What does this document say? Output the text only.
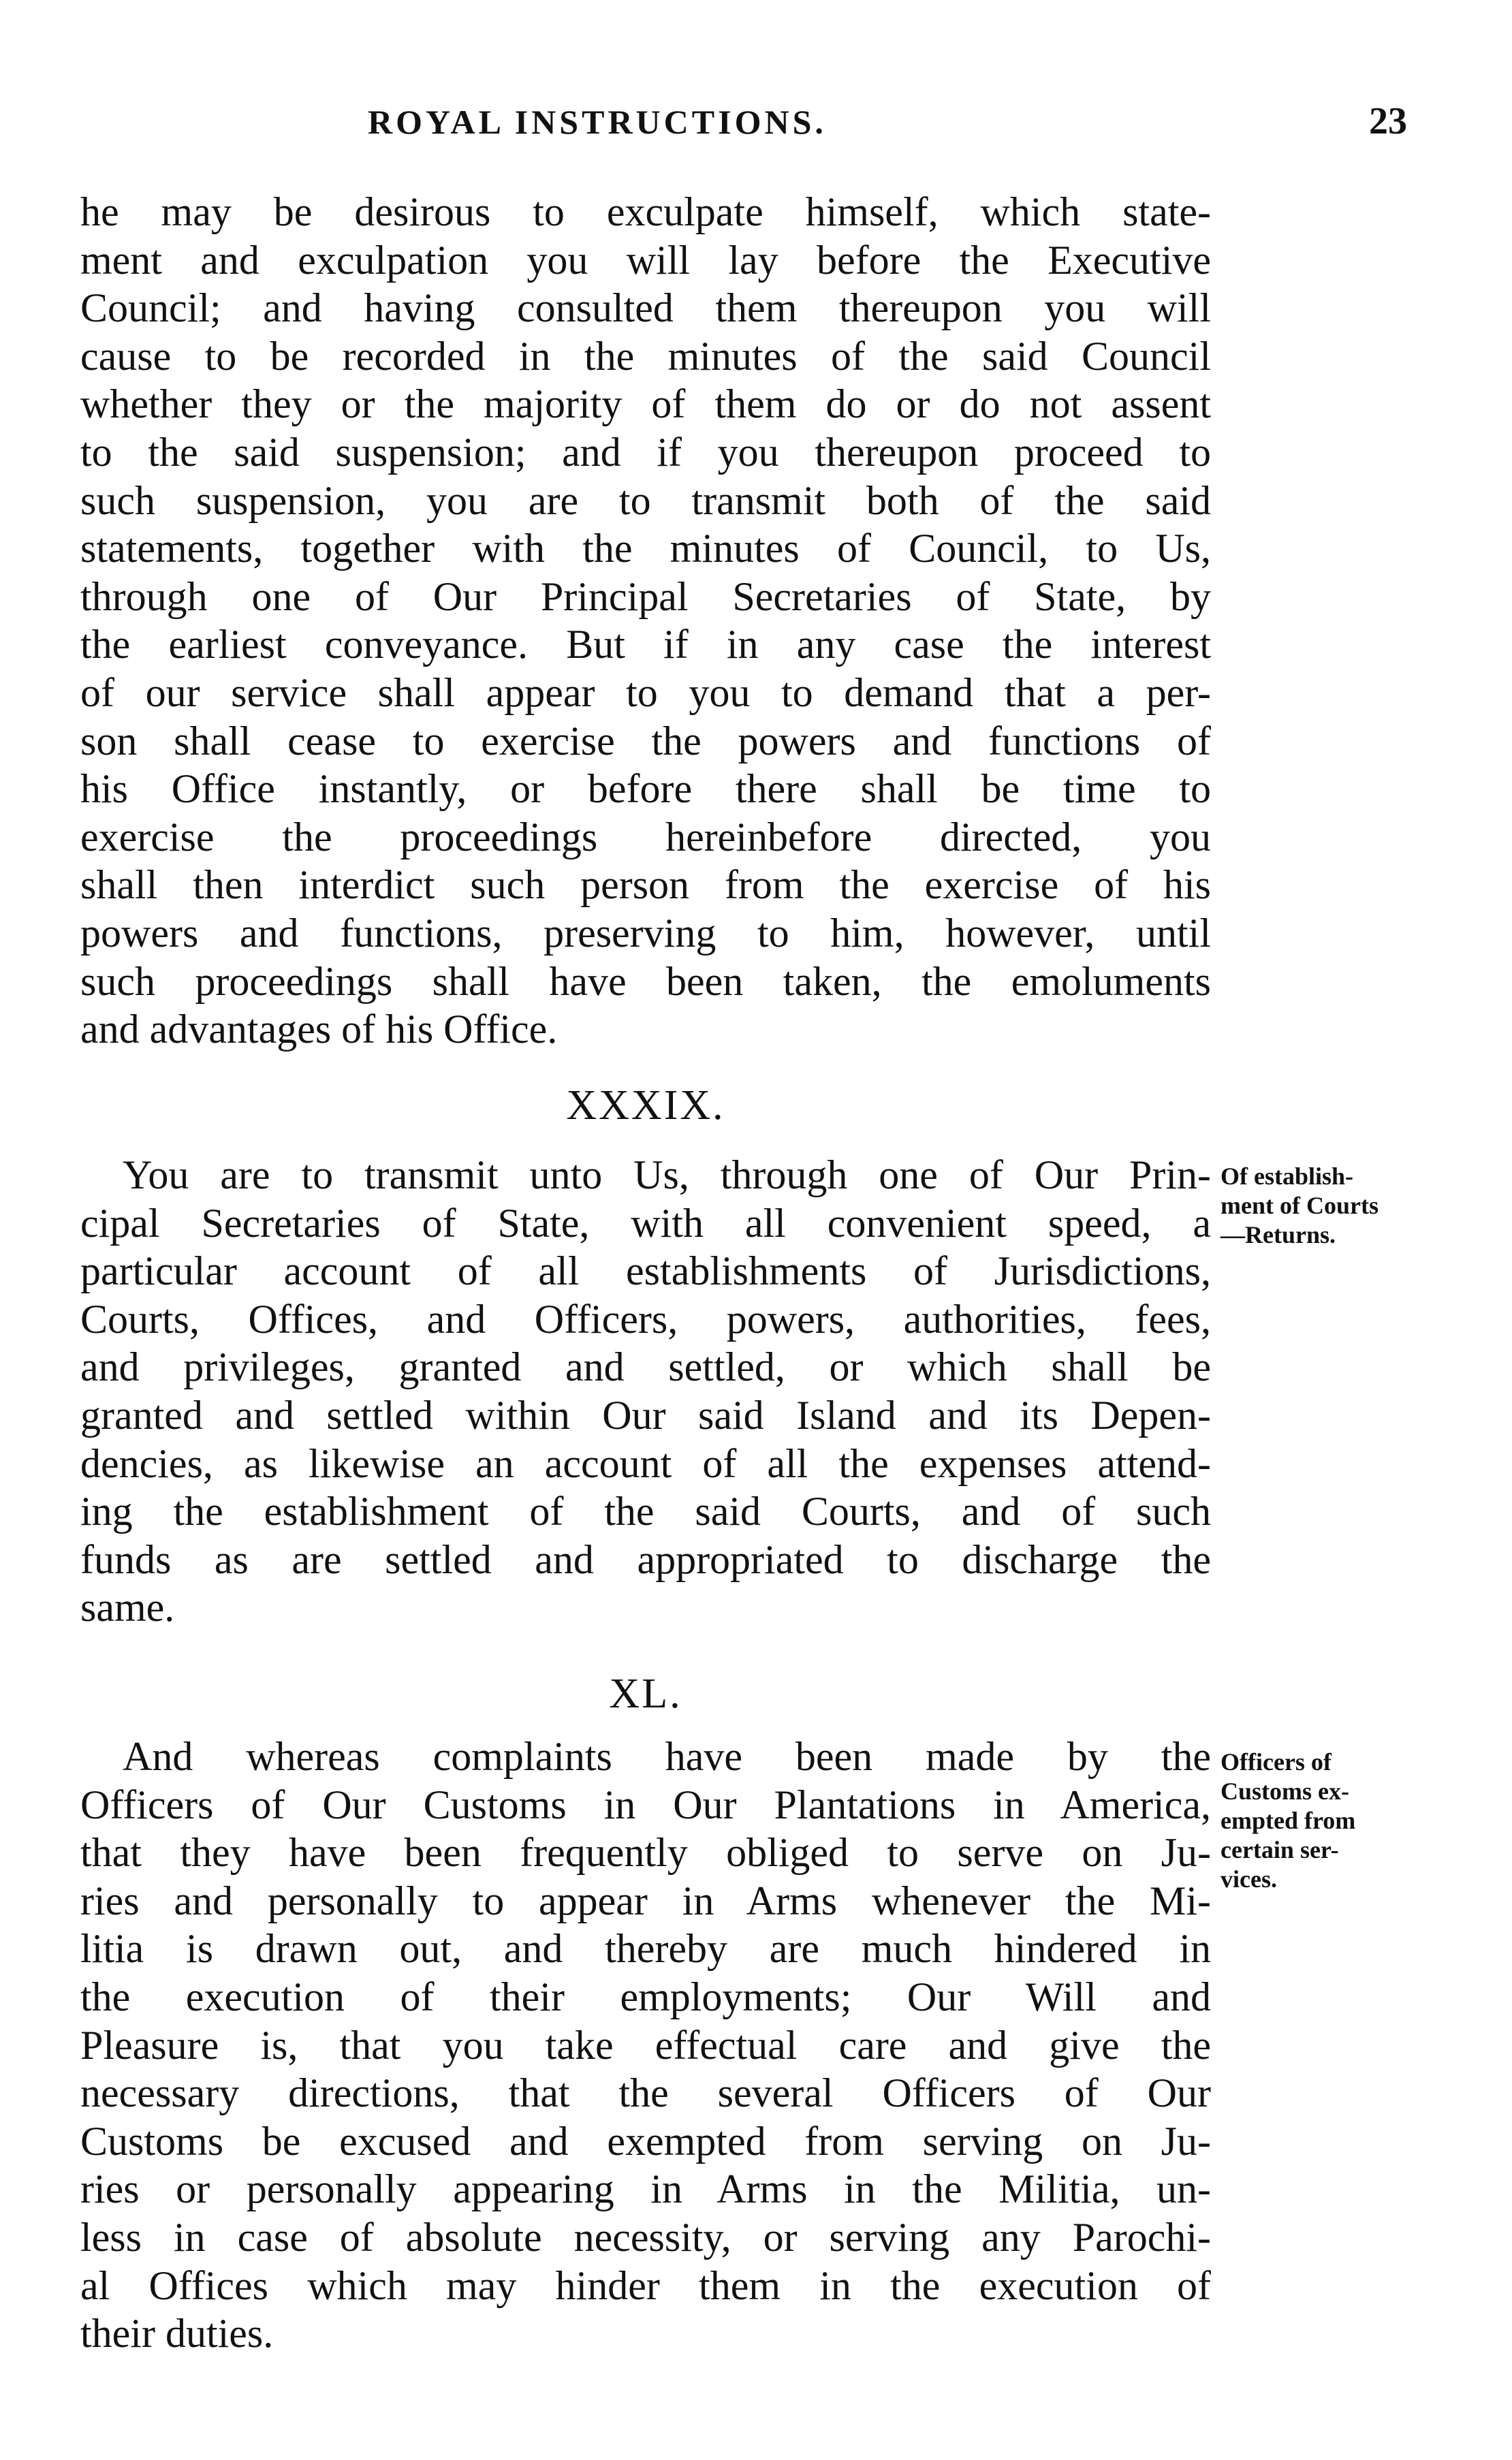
ROYAL INSTRUCTIONS.	23
he may be desirous to exculpate himself, which state-
ment and exculpation you will lay before the Executive
Council; and having consulted them thereupon you will
cause to be recorded in the minutes of the said Council
whether they or the majority of them do or do not assent
to the said suspension; and if you thereupon proceed to
such suspension, you are to transmit both of the said
statements, together with the minutes of Council, to Us,
through one of Our Principal Secretaries of State, by
the earliest conveyance. But if in any case the interest
of our service shall appear to you to demand that a per-
son shall cease to exercise the powers and functions of
his Office instantly, or before there shall be time to
exercise the proceedings hereinbefore directed, you
shall then interdict such person from the exercise of his
powers and functions, preserving to him, however, until
such proceedings shall have been taken, the emoluments
and advantages of his Office.
XXXIX.
You are to transmit unto Us, through one of Our Prin-
cipal Secretaries of State, with all convenient speed, a
particular account of all establishments of Jurisdictions,
Courts, Offices, and Officers, powers, authorities, fees,
and privileges, granted and settled, or which shall be
granted and settled within Our said Island and its Depen-
dencies, as likewise an account of all the expenses attend-
ing the establishment of the said Courts, and of such
funds as are settled and appropriated to discharge the
same.
Of establish-
ment of Courts
—Returns.
XL.
And whereas complaints have been made by the
Officers of Our Customs in Our Plantations in America,
that they have been frequently obliged to serve on Ju-
ries and personally to appear in Arms whenever the Mi-
litia is drawn out, and thereby are much hindered in
the execution of their employments; Our Will and
Pleasure is, that you take effectual care and give the
necessary directions, that the several Officers of Our
Customs be excused and exempted from serving on Ju-
ries or personally appearing in Arms in the Militia, un-
less in case of absolute necessity, or serving any Parochi-
al Offices which may hinder them in the execution of
their duties.
Officers of
Customs ex-
empted from
certain ser-
vices.
